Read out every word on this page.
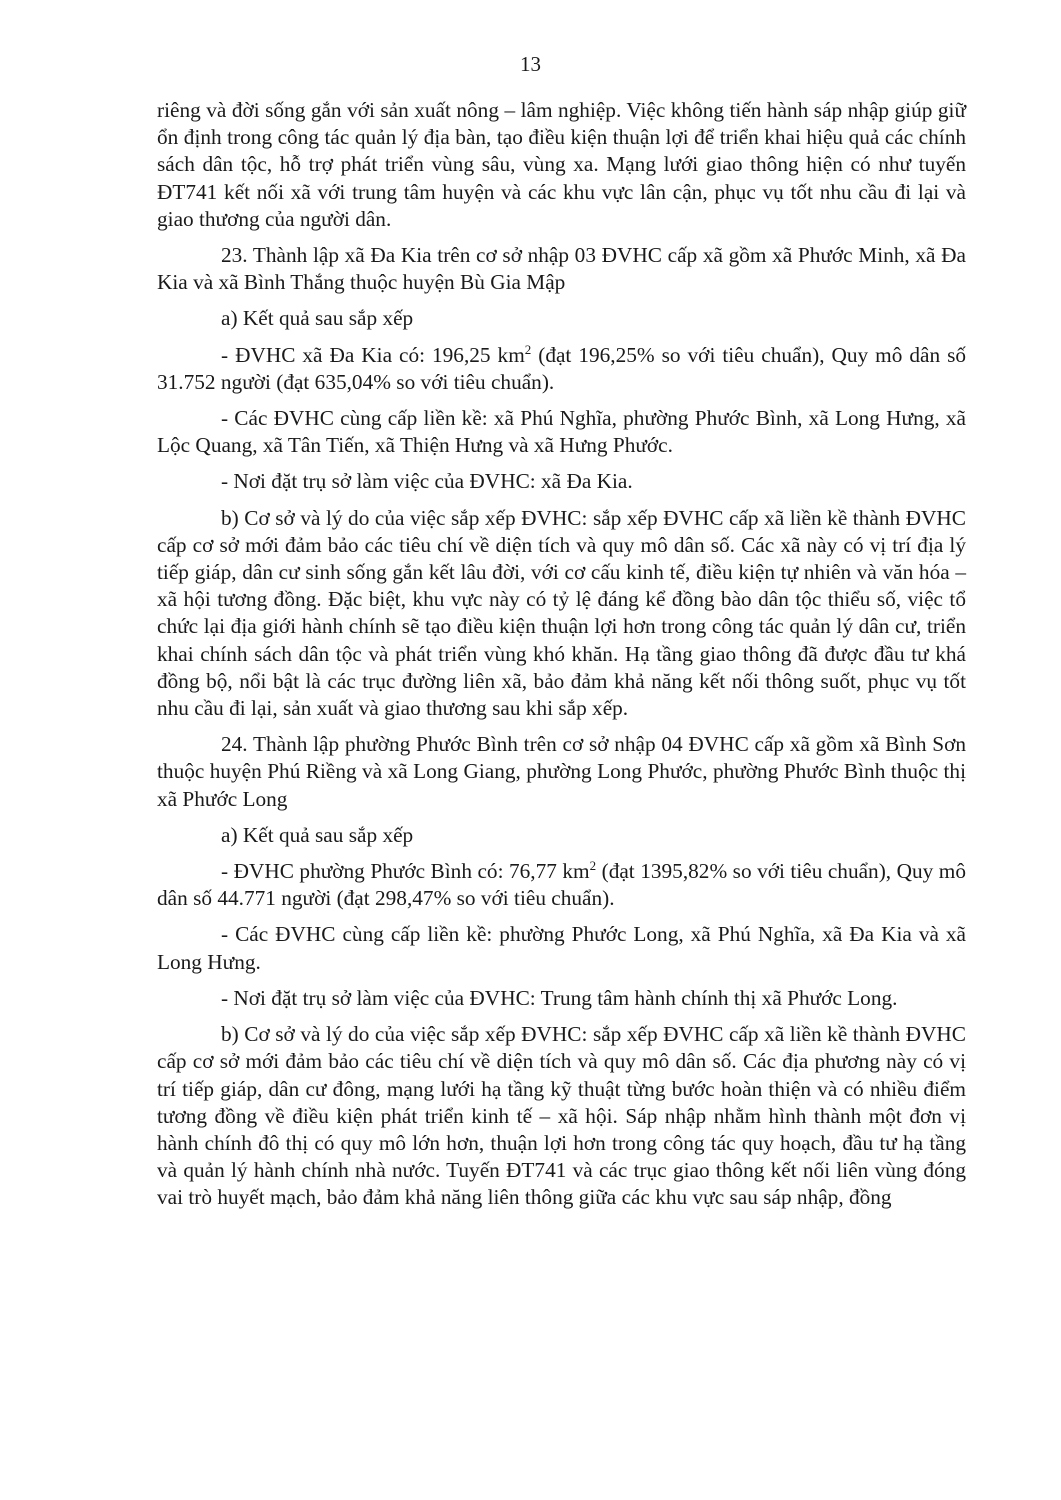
13

riêng và đời sống gắn với sản xuất nông – lâm nghiệp. Việc không tiến hành sáp nhập giúp giữ ổn định trong công tác quản lý địa bàn, tạo điều kiện thuận lợi để triển khai hiệu quả các chính sách dân tộc, hỗ trợ phát triển vùng sâu, vùng xa. Mạng lưới giao thông hiện có như tuyến ĐT741 kết nối xã với trung tâm huyện và các khu vực lân cận, phục vụ tốt nhu cầu đi lại và giao thương của người dân.

23. Thành lập xã Đa Kia trên cơ sở nhập 03 ĐVHC cấp xã gồm xã Phước Minh, xã Đa Kia và xã Bình Thắng thuộc huyện Bù Gia Mập

a) Kết quả sau sắp xếp

- ĐVHC xã Đa Kia có: 196,25 $km^2$ (đạt 196,25% so với tiêu chuẩn), Quy mô dân số 31.752 người (đạt 635,04% so với tiêu chuẩn).

- Các ĐVHC cùng cấp liền kề: xã Phú Nghĩa, phường Phước Bình, xã Long Hưng, xã Lộc Quang, xã Tân Tiến, xã Thiện Hưng và xã Hưng Phước.

- Nơi đặt trụ sở làm việc của ĐVHC: xã Đa Kia.

b) Cơ sở và lý do của việc sắp xếp ĐVHC: sắp xếp ĐVHC cấp xã liền kề thành ĐVHC cấp cơ sở mới đảm bảo các tiêu chí về diện tích và quy mô dân số. Các xã này có vị trí địa lý tiếp giáp, dân cư sinh sống gắn kết lâu đời, với cơ cấu kinh tế, điều kiện tự nhiên và văn hóa – xã hội tương đồng. Đặc biệt, khu vực này có tỷ lệ đáng kể đồng bào dân tộc thiểu số, việc tổ chức lại địa giới hành chính sẽ tạo điều kiện thuận lợi hơn trong công tác quản lý dân cư, triển khai chính sách dân tộc và phát triển vùng khó khăn. Hạ tầng giao thông đã được đầu tư khá đồng bộ, nổi bật là các trục đường liên xã, bảo đảm khả năng kết nối thông suốt, phục vụ tốt nhu cầu đi lại, sản xuất và giao thương sau khi sắp xếp.

24. Thành lập phường Phước Bình trên cơ sở nhập 04 ĐVHC cấp xã gồm xã Bình Sơn thuộc huyện Phú Riềng và xã Long Giang, phường Long Phước, phường Phước Bình thuộc thị xã Phước Long

a) Kết quả sau sắp xếp

- ĐVHC phường Phước Bình có: 76,77 $km^2$ (đạt 1395,82% so với tiêu chuẩn), Quy mô dân số 44.771 người (đạt 298,47% so với tiêu chuẩn).

- Các ĐVHC cùng cấp liền kề: phường Phước Long, xã Phú Nghĩa, xã Đa Kia và xã Long Hưng.

- Nơi đặt trụ sở làm việc của ĐVHC: Trung tâm hành chính thị xã Phước Long.

b) Cơ sở và lý do của việc sắp xếp ĐVHC: sắp xếp ĐVHC cấp xã liền kề thành ĐVHC cấp cơ sở mới đảm bảo các tiêu chí về diện tích và quy mô dân số. Các địa phương này có vị trí tiếp giáp, dân cư đông, mạng lưới hạ tầng kỹ thuật từng bước hoàn thiện và có nhiều điểm tương đồng về điều kiện phát triển kinh tế – xã hội. Sáp nhập nhằm hình thành một đơn vị hành chính đô thị có quy mô lớn hơn, thuận lợi hơn trong công tác quy hoạch, đầu tư hạ tầng và quản lý hành chính nhà nước. Tuyến ĐT741 và các trục giao thông kết nối liên vùng đóng vai trò huyết mạch, bảo đảm khả năng liên thông giữa các khu vực sau sáp nhập, đồng
